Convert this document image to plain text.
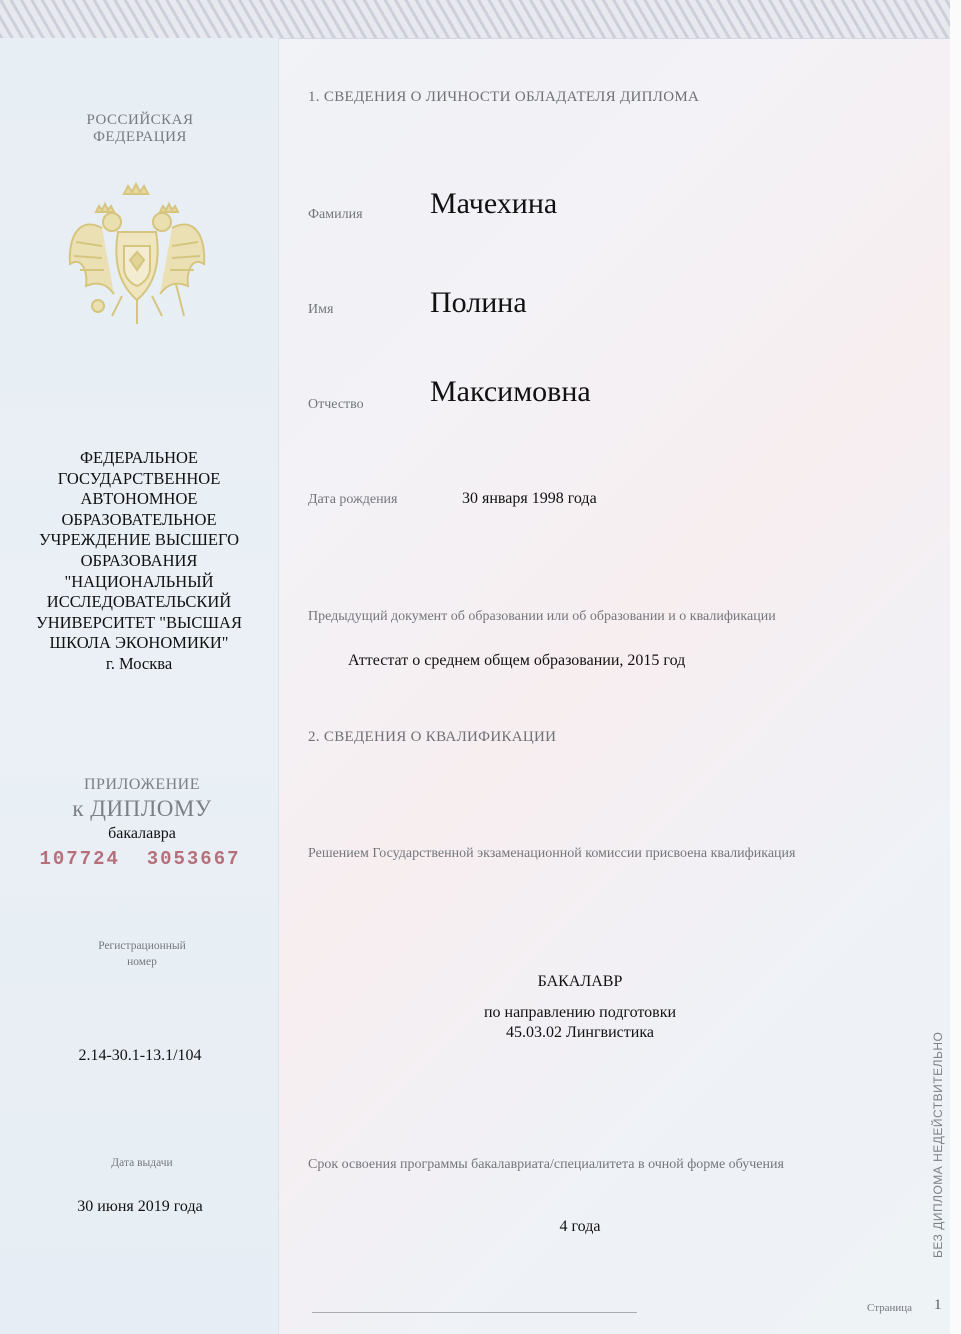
РОССИЙСКАЯ
ФЕДЕРАЦИЯ
ФЕДЕРАЛЬНОЕ
ГОСУДАРСТВЕННОЕ
АВТОНОМНОЕ
ОБРАЗОВАТЕЛЬНОЕ
УЧРЕЖДЕНИЕ ВЫСШЕГО
ОБРАЗОВАНИЯ
"НАЦИОНАЛЬНЫЙ
ИССЛЕДОВАТЕЛЬСКИЙ
УНИВЕРСИТЕТ "ВЫСШАЯ
ШКОЛА ЭКОНОМИКИ"
г. Москва
ПРИЛОЖЕНИЕ
к ДИПЛОМУ
бакалавра
107724  3053667
Регистрационный номер
2.14-30.1-13.1/104
Дата выдачи
30 июня 2019 года
1. СВЕДЕНИЯ О ЛИЧНОСТИ ОБЛАДАТЕЛЯ ДИПЛОМА
Фамилия Мачехина
Имя	Полина
Отчество Максимовна
Дата рождения	30 января 1998 года
Предыдущий документ об образовании или об образовании и о квалификации
Аттестат о среднем общем образовании, 2015 год
2. СВЕДЕНИЯ О КВАЛИФИКАЦИИ
Решением Государственной экзаменационной комиссии присвоена квалификация
БАКАЛАВР
по направлению подготовки
45.03.02 Лингвистика
Срок освоения программы бакалавриата/специалитета в очной форме обучения
4 года	БЕЗ ДИПЛОМА НЕДЕЙСТВИТЕЛЬНО
Страница 1
